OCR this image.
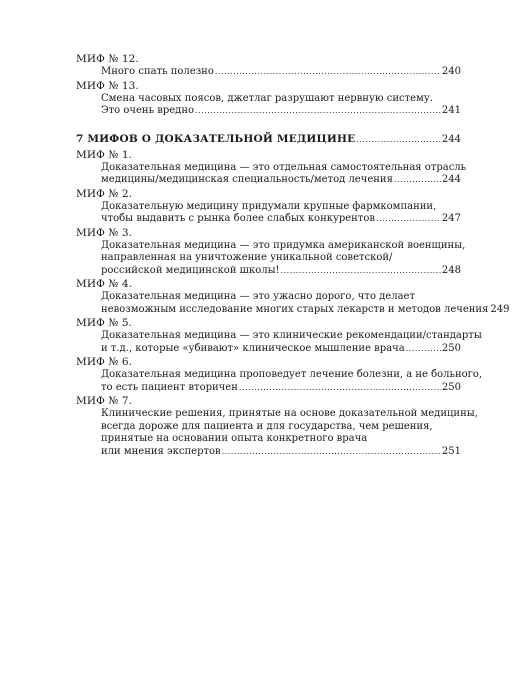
МИФ № 12.
Много спать полезно .....	240
МИФ № 13.
Смена часовых поясов, джетлаг разрушают нервную систему.
Это очень вредно .....	241
7 МИФОВ О ДОКАЗАТЕЛЬНОЙ МЕДИЦИНЕ .....	244
МИФ № 1.
Доказательная медицина — это отдельная самостоятельная отрасль
медицины/медицинская специальность/метод лечения .....	244
МИФ № 2.
Доказательную медицину придумали крупные фармкомпании,
чтобы выдавить с рынка более слабых конкурентов .....	247
МИФ № 3.
Доказательная медицина — это придумка американской военщины,
направленная на уничтожение уникальной советской/
российской медицинской школы! .....	248
МИФ № 4.
Доказательная медицина — это ужасно дорого, что делает
невозможным исследование многих старых лекарств и методов лечения 249
МИФ № 5.
Доказательная медицина — это клинические рекомендации/стандарты
и т.д., которые «убивают» клиническое мышление врача .....	250
МИФ № 6.
Доказательная медицина проповедует лечение болезни, а не больного,
то есть пациент вторичен .....	250
МИФ № 7.
Клинические решения, принятые на основе доказательной медицины,
всегда дороже для пациента и для государства, чем решения,
принятые на основании опыта конкретного врача
или мнения экспертов .....	251
